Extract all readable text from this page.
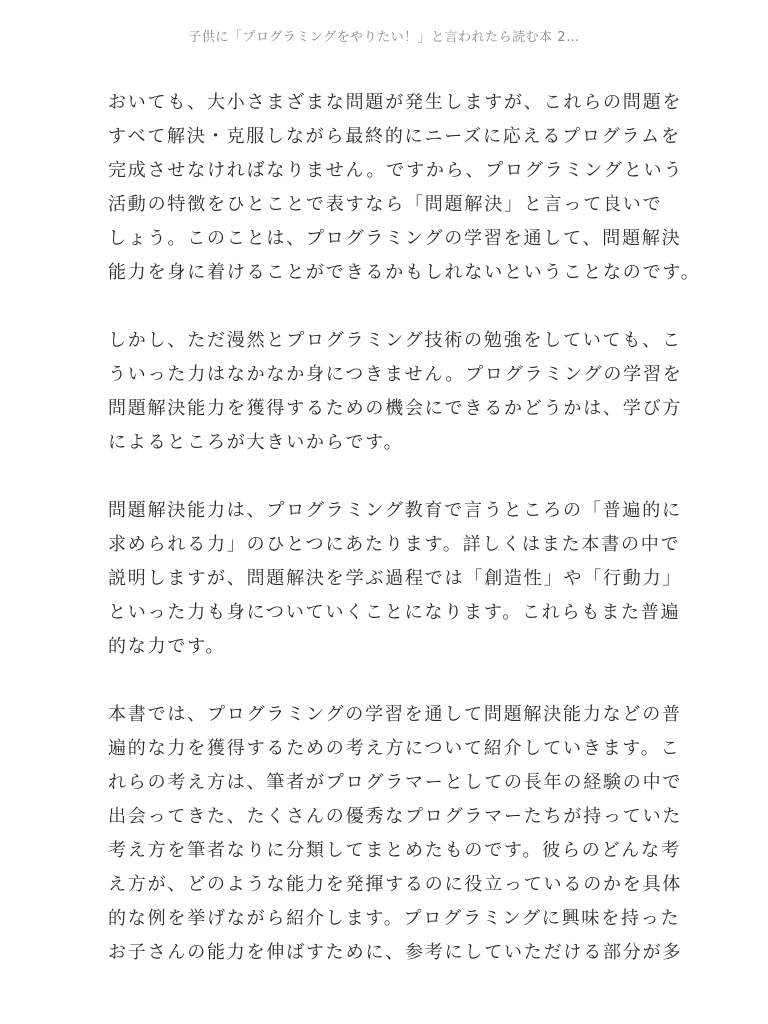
子供に「プログラミングをやりたい！」と言われたら読む本 2…
おいても、大小さまざまな問題が発生しますが、これらの問題を
すべて解決・克服しながら最終的にニーズに応えるプログラムを
完成させなければなりません。ですから、プログラミングという
活動の特徴をひとことで表すなら「問題解決」と言って良いで
しょう。このことは、プログラミングの学習を通して、問題解決
能力を身に着けることができるかもしれないということなのです。
しかし、ただ漫然とプログラミング技術の勉強をしていても、こ
ういった力はなかなか身につきません。プログラミングの学習を
問題解決能力を獲得するための機会にできるかどうかは、学び方
によるところが大きいからです。
問題解決能力は、プログラミング教育で言うところの「普遍的に
求められる力」のひとつにあたります。詳しくはまた本書の中で
説明しますが、問題解決を学ぶ過程では「創造性」や「行動力」
といった力も身についていくことになります。これらもまた普遍
的な力です。
本書では、プログラミングの学習を通して問題解決能力などの普
遍的な力を獲得するための考え方について紹介していきます。こ
れらの考え方は、筆者がプログラマーとしての長年の経験の中で
出会ってきた、たくさんの優秀なプログラマーたちが持っていた
考え方を筆者なりに分類してまとめたものです。彼らのどんな考
え方が、どのような能力を発揮するのに役立っているのかを具体
的な例を挙げながら紹介します。プログラミングに興味を持った
お子さんの能力を伸ばすために、参考にしていただける部分が多
